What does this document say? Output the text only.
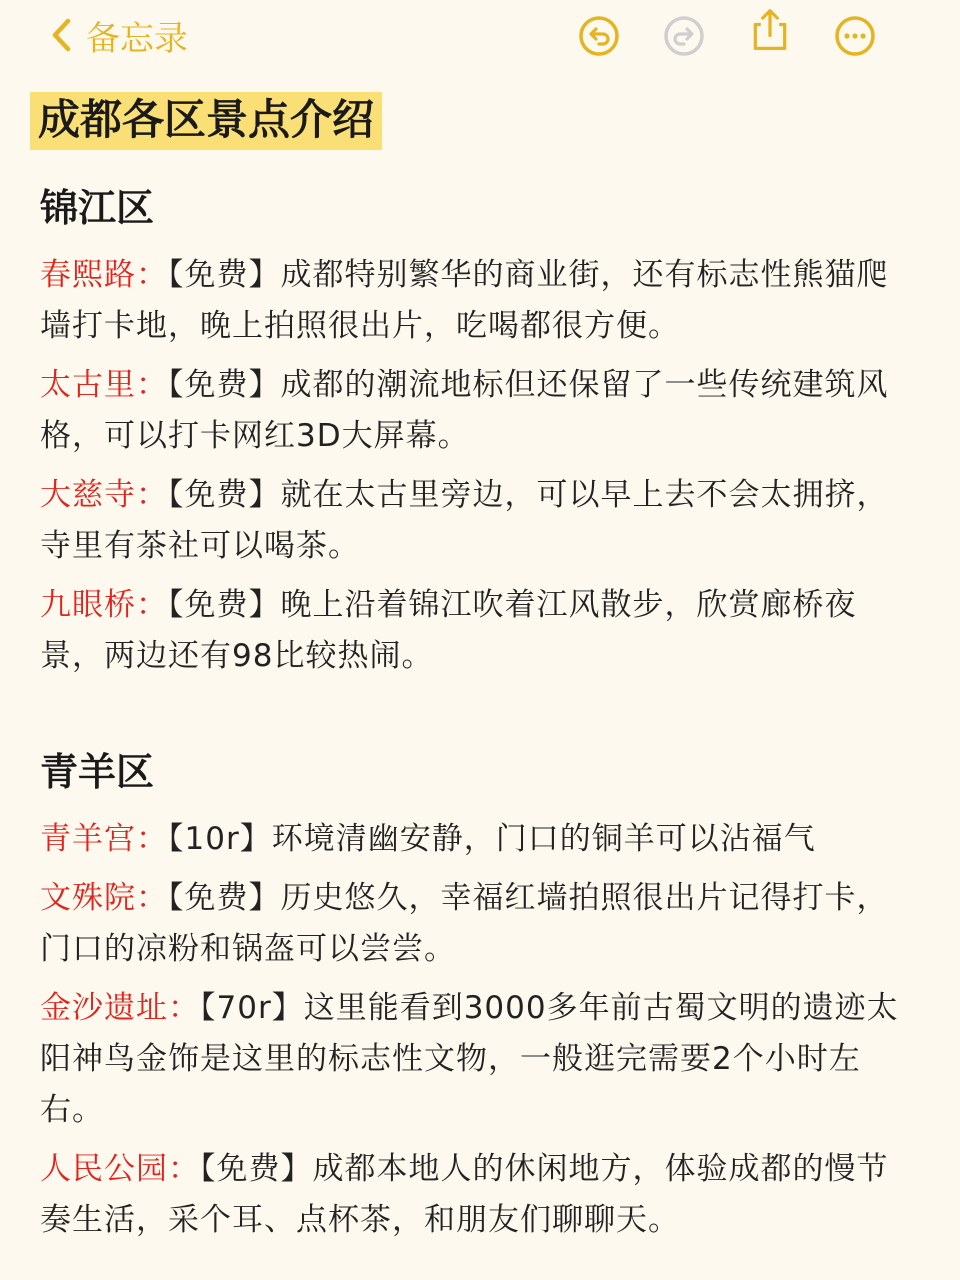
备忘录
成都各区景点介绍
锦江区
春熙路：【免费】成都特别繁华的商业街，还有标志性熊猫爬墙打卡地，晚上拍照很出片，吃喝都很方便。
太古里：【免费】成都的潮流地标但还保留了一些传统建筑风格，可以打卡网红3D大屏幕。
大慈寺：【免费】就在太古里旁边，可以早上去不会太拥挤，寺里有茶社可以喝茶。
九眼桥：【免费】晚上沿着锦江吹着江风散步，欣赏廊桥夜景，两边还有98比较热闹。
青羊区
青羊宫：【10r】环境清幽安静，门口的铜羊可以沾福气
文殊院：【免费】历史悠久，幸福红墙拍照很出片记得打卡，门口的凉粉和锅盔可以尝尝。
金沙遗址：【70r】这里能看到3000多年前古蜀文明的遗迹太阳神鸟金饰是这里的标志性文物，一般逛完需要2个小时左右。
人民公园：【免费】成都本地人的休闲地方，体验成都的慢节奏生活，采个耳、点杯茶，和朋友们聊聊天。
